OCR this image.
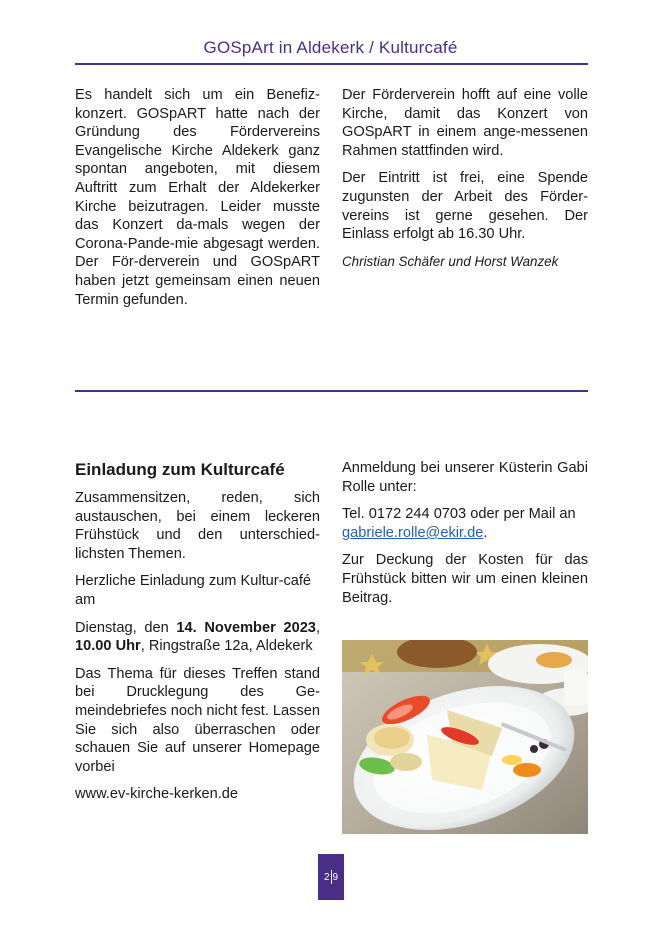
GOSpArt in Aldekerk / Kulturcafé

Es handelt sich um ein Benefiz-konzert. GOSpART hatte nach der Gründung des Fördervereins Evangelische Kirche Aldekerk ganz spontan angeboten, mit diesem Auftritt zum Erhalt der Aldekerker Kirche beizutragen. Leider musste das Konzert da-mals wegen der Corona-Pande-mie abgesagt werden. Der För-derverein und GOSpART haben jetzt gemeinsam einen neuen Termin gefunden.

Der Förderverein hofft auf eine volle Kirche, damit das Konzert von GOSpART in einem ange-messenen Rahmen stattfinden wird.

Der Eintritt ist frei, eine Spende zugunsten der Arbeit des Förder-vereins ist gerne gesehen. Der Einlass erfolgt ab 16.30 Uhr.

Christian Schäfer und Horst Wanzek

Einladung zum Kulturcafé

Zusammensitzen, reden, sich austauschen, bei einem leckeren Frühstück und den unterschied-lichsten Themen.

Herzliche Einladung zum Kultur-café am

Dienstag, den 14. November 2023, 10.00 Uhr, Ringstraße 12a, Aldekerk

Das Thema für dieses Treffen stand bei Drucklegung des Ge-meindebriefes noch nicht fest. Lassen Sie sich also überraschen oder schauen Sie auf unserer Homepage vorbei

www.ev-kirche-kerken.de

Anmeldung bei unserer Küsterin Gabi Rolle unter:

Tel. 0172 244 0703 oder per Mail an gabriele.rolle@ekir.de.

Zur Deckung der Kosten für das Frühstück bitten wir um einen kleinen Beitrag.

2 9
